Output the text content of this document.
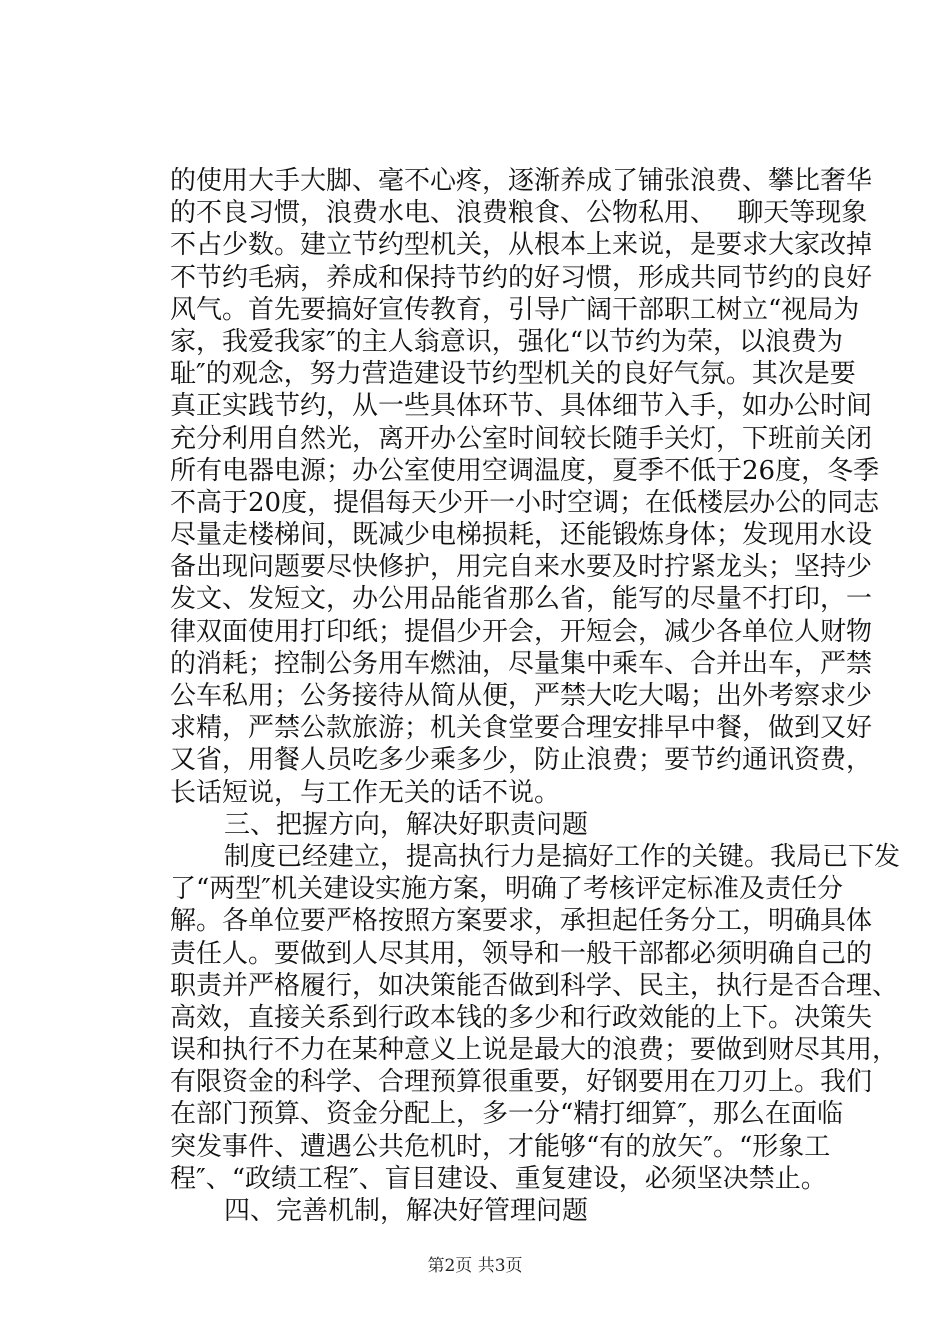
的使用大手大脚、毫不心疼，逐渐养成了铺张浪费、攀比奢华
的不良习惯，浪费水电、浪费粮食、公物私用、　 聊天等现象
不占少数。建立节约型机关，从根本上来说，是要求大家改掉
不节约毛病，养成和保持节约的好习惯，形成共同节约的良好
风气。首先要搞好宣传教育，引导广阔干部职工树立“视局为
家，我爱我家″的主人翁意识，强化“以节约为荣，以浪费为
耻″的观念，努力营造建设节约型机关的良好气氛。其次是要
真正实践节约，从一些具体环节、具体细节入手，如办公时间
充分利用自然光，离开办公室时间较长随手关灯，下班前关闭
所有电器电源；办公室使用空调温度，夏季不低于26度，冬季
不高于20度，提倡每天少开一小时空调；在低楼层办公的同志
尽量走楼梯间，既减少电梯损耗，还能锻炼身体；发现用水设
备出现问题要尽快修护，用完自来水要及时拧紧龙头；坚持少
发文、发短文，办公用品能省那么省，能写的尽量不打印，一
律双面使用打印纸；提倡少开会，开短会，减少各单位人财物
的消耗；控制公务用车燃油，尽量集中乘车、合并出车，严禁
公车私用；公务接待从简从便，严禁大吃大喝；出外考察求少
求精，严禁公款旅游；机关食堂要合理安排早中餐，做到又好
又省，用餐人员吃多少乘多少，防止浪费；要节约通讯资费，
长话短说，与工作无关的话不说。
　　三、把握方向，解决好职责问题
　　制度已经建立，提高执行力是搞好工作的关键。我局已下发
了“两型″机关建设实施方案，明确了考核评定标准及责任分
解。各单位要严格按照方案要求，承担起任务分工，明确具体
责任人。要做到人尽其用，领导和一般干部都必须明确自己的
职责并严格履行，如决策能否做到科学、民主，执行是否合理、
高效，直接关系到行政本钱的多少和行政效能的上下。决策失
误和执行不力在某种意义上说是最大的浪费；要做到财尽其用，
有限资金的科学、合理预算很重要，好钢要用在刀刃上。我们
在部门预算、资金分配上，多一分“精打细算″，那么在面临
突发事件、遭遇公共危机时，才能够“有的放矢″。“形象工
程″、“政绩工程″、盲目建设、重复建设，必须坚决禁止。
　　四、完善机制，解决好管理问题
第2页 共3页
